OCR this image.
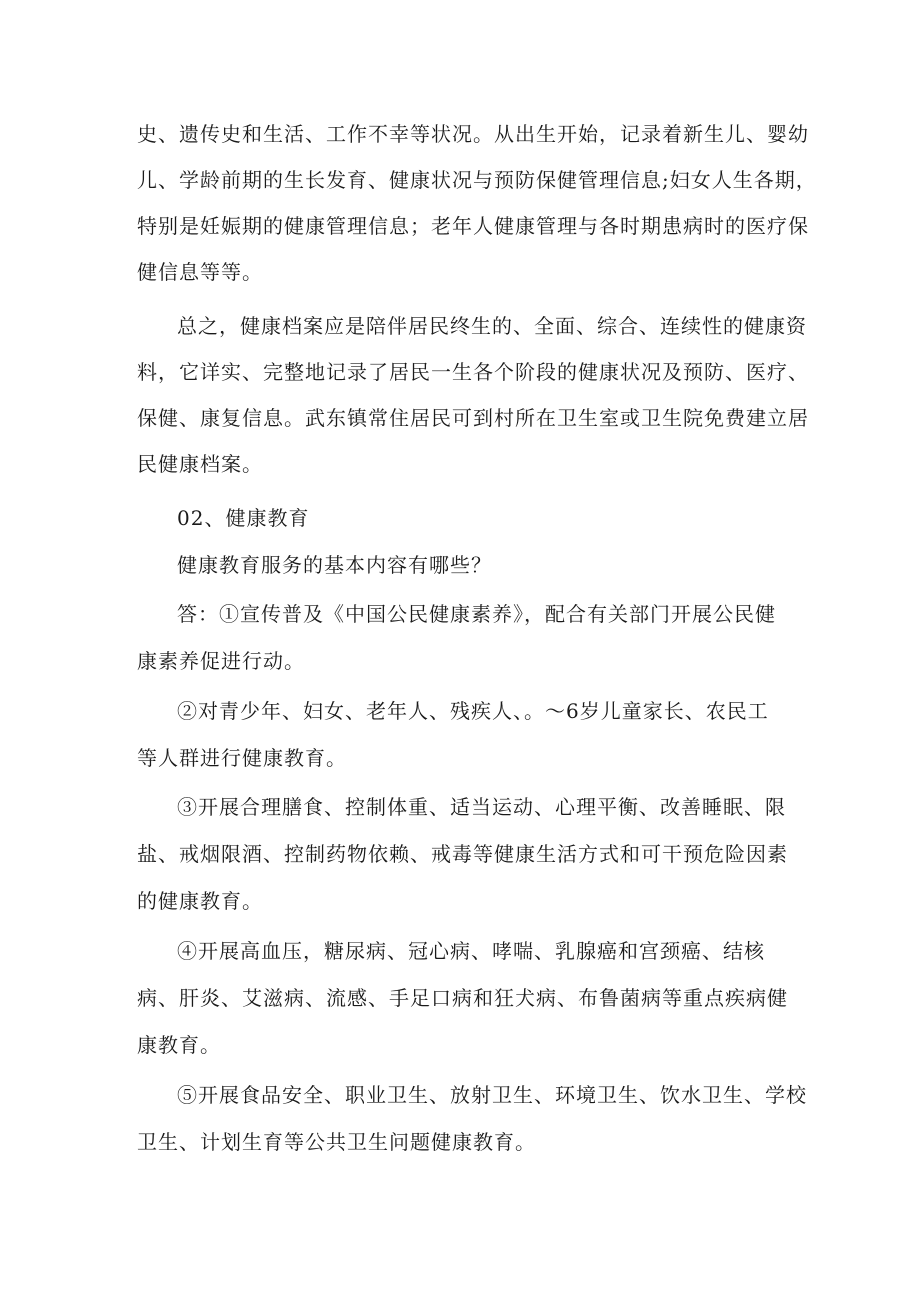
史、遗传史和生活、工作不幸等状况。从出生开始，记录着新生儿、婴幼
儿、学龄前期的生长发育、健康状况与预防保健管理信息;妇女人生各期，
特别是妊娠期的健康管理信息；老年人健康管理与各时期患病时的医疗保
健信息等等。
总之，健康档案应是陪伴居民终生的、全面、综合、连续性的健康资
料，它详实、完整地记录了居民一生各个阶段的健康状况及预防、医疗、
保健、康复信息。武东镇常住居民可到村所在卫生室或卫生院免费建立居
民健康档案。
02、健康教育
健康教育服务的基本内容有哪些？
答：①宣传普及《中国公民健康素养》，配合有关部门开展公民健
康素养促进行动。
②对青少年、妇女、老年人、残疾人、。～6岁儿童家长、农民工
等人群进行健康教育。
③开展合理膳食、控制体重、适当运动、心理平衡、改善睡眠、限
盐、戒烟限酒、控制药物依赖、戒毒等健康生活方式和可干预危险因素
的健康教育。
④开展高血压，糖尿病、冠心病、哮喘、乳腺癌和宫颈癌、结核
病、肝炎、艾滋病、流感、手足口病和狂犬病、布鲁菌病等重点疾病健
康教育。
⑤开展食品安全、职业卫生、放射卫生、环境卫生、饮水卫生、学校
卫生、计划生育等公共卫生问题健康教育。
